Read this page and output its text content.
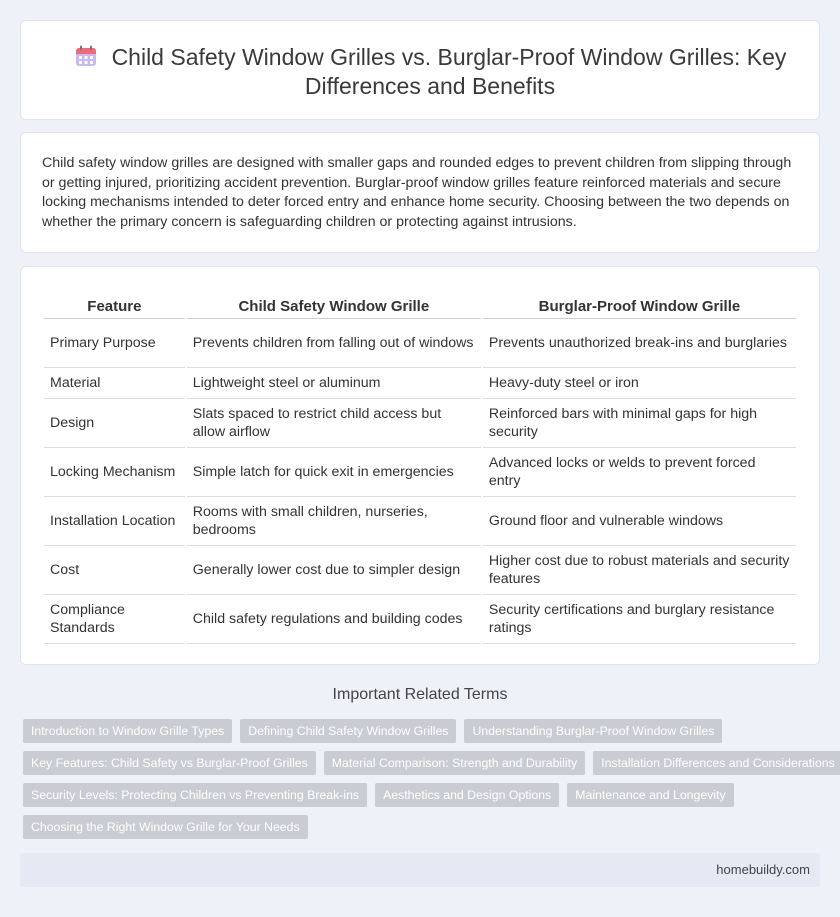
Child Safety Window Grilles vs. Burglar-Proof Window Grilles: Key Differences and Benefits

Child safety window grilles are designed with smaller gaps and rounded edges to prevent children from slipping through or getting injured, prioritizing accident prevention. Burglar-proof window grilles feature reinforced materials and secure locking mechanisms intended to deter forced entry and enhance home security. Choosing between the two depends on whether the primary concern is safeguarding children or protecting against intrusions.

Feature	Child Safety Window Grille	Burglar-Proof Window Grille
Primary Purpose	Prevents children from falling out of windows	Prevents unauthorized break-ins and burglaries
Material	Lightweight steel or aluminum	Heavy-duty steel or iron
Design	Slats spaced to restrict child access but allow airflow	Reinforced bars with minimal gaps for high security
Locking Mechanism	Simple latch for quick exit in emergencies	Advanced locks or welds to prevent forced entry
Installation Location	Rooms with small children, nurseries, bedrooms	Ground floor and vulnerable windows
Cost	Generally lower cost due to simpler design	Higher cost due to robust materials and security features
Compliance Standards	Child safety regulations and building codes	Security certifications and burglary resistance ratings
Important Related Terms
Introduction to Window Grille Types	Defining Child Safety Window Grilles	Understanding Burglar-Proof Window Grilles
Key Features: Child Safety vs Burglar-Proof Grilles	Material Comparison: Strength and Durability	Installation Differences and Considerations
Security Levels: Protecting Children vs Preventing Break-ins	Aesthetics and Design Options	Maintenance and Longevity
Choosing the Right Window Grille for Your Needs
homebuildy.com
